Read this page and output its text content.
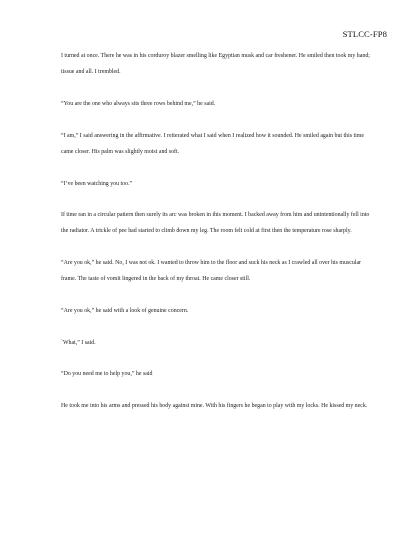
STLCC-FP8

I turned at once. There he was in his corduroy blazer smelling like Egyptian musk and car freshener. He smiled then took my hand; tissue and all. I trembled.

“You are the one who always sits three rows behind me,” he said.

“I am,” I said answering in the affirmative. I reiterated what I said when I realized how it sounded. He smiled again but this time came closer. His palm was slightly moist and soft.

“I’ve been watching you too.”

If time ran in a circular pattern then surely its arc was broken in this moment. I backed away from him and unintentionally fell into the radiator. A trickle of pee had started to climb down my leg. The room felt cold at first then the temperature rose sharply.

“Are you ok,” he said. No, I was not ok. I wanted to throw him to the floor and suck his neck as I crawled all over his muscular frame. The taste of vomit lingered in the back of my throat. He came closer still.

“Are you ok,” he said with a look of genuine concern.

`What,” I said.

“Do you need me to help you,” he said

He took me into his arms and pressed his body against mine. With his fingers he began to play with my locks. He kissed my neck.
